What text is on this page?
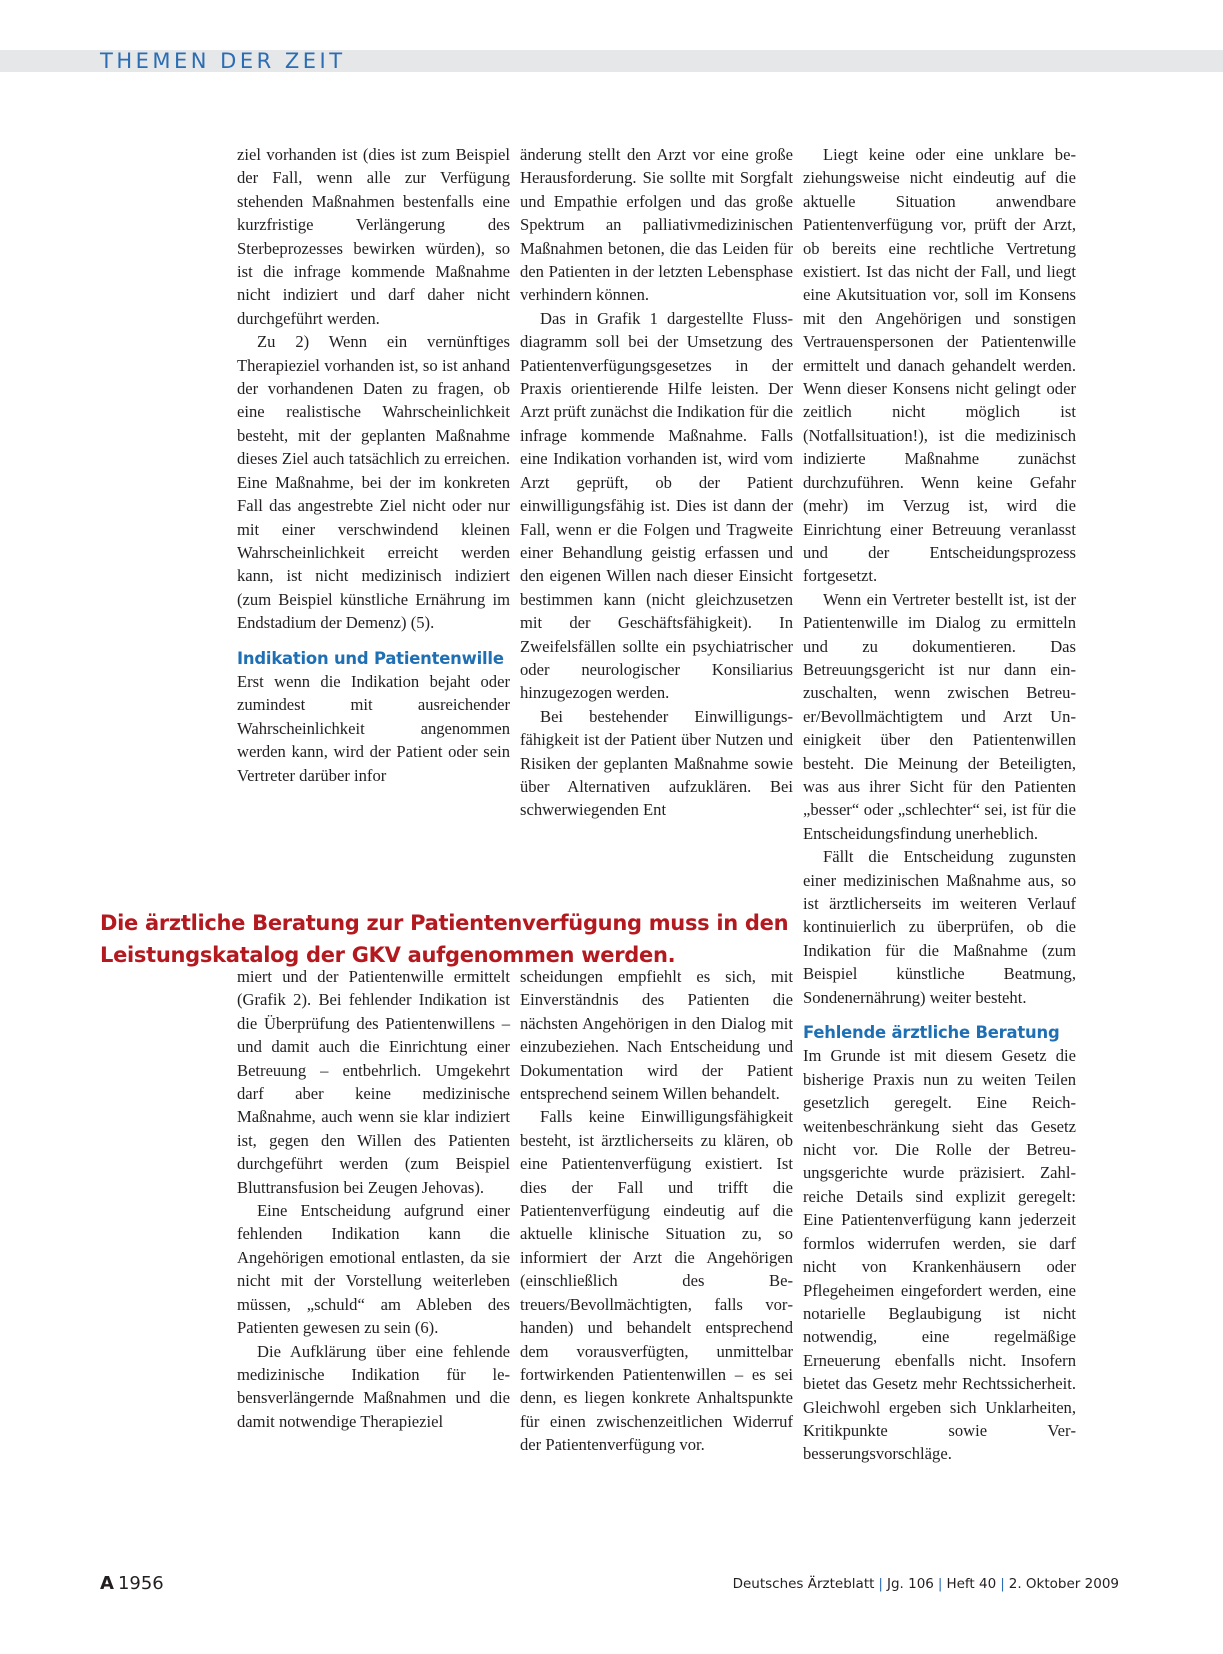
THEMEN DER ZEIT

ziel vorhanden ist (dies ist zum Beispiel der Fall, wenn alle zur Verfügung stehenden Maßnahmen bestenfalls eine kurzfristige Verlängerung des Sterbeprozesses bewirken würden), so ist die infrage kommende Maßnahme nicht indiziert und darf daher nicht durchgeführt werden.

Zu 2) Wenn ein vernünftiges Therapieziel vorhanden ist, so ist anhand der vorhandenen Daten zu fragen, ob eine realistische Wahrscheinlichkeit besteht, mit der geplanten Maßnahme dieses Ziel auch tatsächlich zu erreichen. Eine Maßnahme, bei der im konkreten Fall das angestrebte Ziel nicht oder nur mit einer verschwindend kleinen Wahrscheinlichkeit erreicht werden kann, ist nicht medizinisch indiziert (zum Beispiel künstliche Ernährung im Endstadium der Demenz) (5).

Indikation und Patientenwille

Erst wenn die Indikation bejaht oder zumindest mit ausreichender Wahrscheinlichkeit angenommen werden kann, wird der Patient oder sein Vertreter darüber infor

änderung stellt den Arzt vor eine große Herausforderung. Sie sollte mit Sorgfalt und Empathie erfolgen und das große Spektrum an palliativmedizinischen Maßnahmen betonen, die das Leiden für den Patienten in der letzten Lebensphase verhindern können.

Das in Grafik 1 dargestellte Flussdiagramm soll bei der Umsetzung des Patientenverfügungsgesetzes in der Praxis orientierende Hilfe leisten. Der Arzt prüft zunächst die Indikation für die infrage kommende Maßnahme. Falls eine Indikation vorhanden ist, wird vom Arzt geprüft, ob der Patient einwilligungsfähig ist. Dies ist dann der Fall, wenn er die Folgen und Tragweite einer Behandlung geistig erfassen und den eigenen Willen nach dieser Einsicht bestimmen kann (nicht gleichzusetzen mit der Geschäftsfähigkeit). In Zweifelsfällen sollte ein psychiatrischer oder neurologischer Konsiliarius hinzugezogen werden.

Bei bestehender Einwilligungsfähigkeit ist der Patient über Nutzen und Risiken der geplanten Maßnahme sowie über Alternativen aufzuklären. Bei schwerwiegenden Ent

Liegt keine oder eine unklare beziehungsweise nicht eindeutig auf die aktuelle Situation anwendbare Patientenverfügung vor, prüft der Arzt, ob bereits eine rechtliche Vertretung existiert. Ist das nicht der Fall, und liegt eine Akutsituation vor, soll im Konsens mit den Angehörigen und sonstigen Vertrauenspersonen der Patientenwille ermittelt und danach gehandelt werden. Wenn dieser Konsens nicht gelingt oder zeitlich nicht möglich ist (Notfallsituation!), ist die medizinisch indizierte Maßnahme zunächst durchzuführen. Wenn keine Gefahr (mehr) im Verzug ist, wird die Einrichtung einer Betreuung veranlasst und der Entscheidungsprozess fortgesetzt.

Wenn ein Vertreter bestellt ist, ist der Patientenwille im Dialog zu ermitteln und zu dokumentieren. Das Betreuungsgericht ist nur dann einzuschalten, wenn zwischen Betreuer/Bevollmächtigtem und Arzt Uneinigkeit über den Patientenwillen besteht. Die Meinung der Beteiligten, was aus ihrer Sicht für den Patienten „besser“ oder „schlechter“ sei, ist für die Entscheidungsfindung unerheblich.

Fällt die Entscheidung zugunsten einer medizinischen Maßnahme aus, so ist ärztlicherseits im weiteren Verlauf kontinuierlich zu überprüfen, ob die Indikation für die Maßnahme (zum Beispiel künstliche Beatmung, Sondenernährung) weiter besteht.

Fehlende ärztliche Beratung

Im Grunde ist mit diesem Gesetz die bisherige Praxis nun zu weiten Teilen gesetzlich geregelt. Eine Reichweitenbeschränkung sieht das Gesetz nicht vor. Die Rolle der Betreuungsgerichte wurde präzisiert. Zahlreiche Details sind explizit geregelt: Eine Patientenverfügung kann jederzeit formlos widerrufen werden, sie darf nicht von Krankenhäusern oder Pflegeheimen eingefordert werden, eine notarielle Beglaubigung ist nicht notwendig, eine regelmäßige Erneuerung ebenfalls nicht. Insofern bietet das Gesetz mehr Rechtssicherheit. Gleichwohl ergeben sich Unklarheiten, Kritikpunkte sowie Verbesserungsvorschläge.

Die ärztliche Beratung zur Patientenverfügung muss in den
Leistungskatalog der GKV aufgenommen werden.

miert und der Patientenwille ermittelt (Grafik 2). Bei fehlender Indikation ist die Überprüfung des Patientenwillens – und damit auch die Einrichtung einer Betreuung – entbehrlich. Umgekehrt darf aber keine medizinische Maßnahme, auch wenn sie klar indiziert ist, gegen den Willen des Patienten durchgeführt werden (zum Beispiel Bluttransfusion bei Zeugen Jehovas).

Eine Entscheidung aufgrund einer fehlenden Indikation kann die Angehörigen emotional entlasten, da sie nicht mit der Vorstellung weiterleben müssen, „schuld“ am Ableben des Patienten gewesen zu sein (6).

Die Aufklärung über eine fehlende medizinische Indikation für lebensverlängernde Maßnahmen und die damit notwendige Therapieziel

scheidungen empfiehlt es sich, mit Einverständnis des Patienten die nächsten Angehörigen in den Dialog mit einzubeziehen. Nach Entscheidung und Dokumentation wird der Patient entsprechend seinem Willen behandelt.

Falls keine Einwilligungsfähigkeit besteht, ist ärztlicherseits zu klären, ob eine Patientenverfügung existiert. Ist dies der Fall und trifft die Patientenverfügung eindeutig auf die aktuelle klinische Situation zu, so informiert der Arzt die Angehörigen (einschließlich des Betreuers/Bevollmächtigten, falls vorhanden) und behandelt entsprechend dem vorausverfügten, unmittelbar fortwirkenden Patientenwillen – es sei denn, es liegen konkrete Anhaltspunkte für einen zwischenzeitlichen Widerruf der Patientenverfügung vor.

A 1956	Deutsches Ärzteblatt | Jg. 106 | Heft 40 | 2. Oktober 2009
